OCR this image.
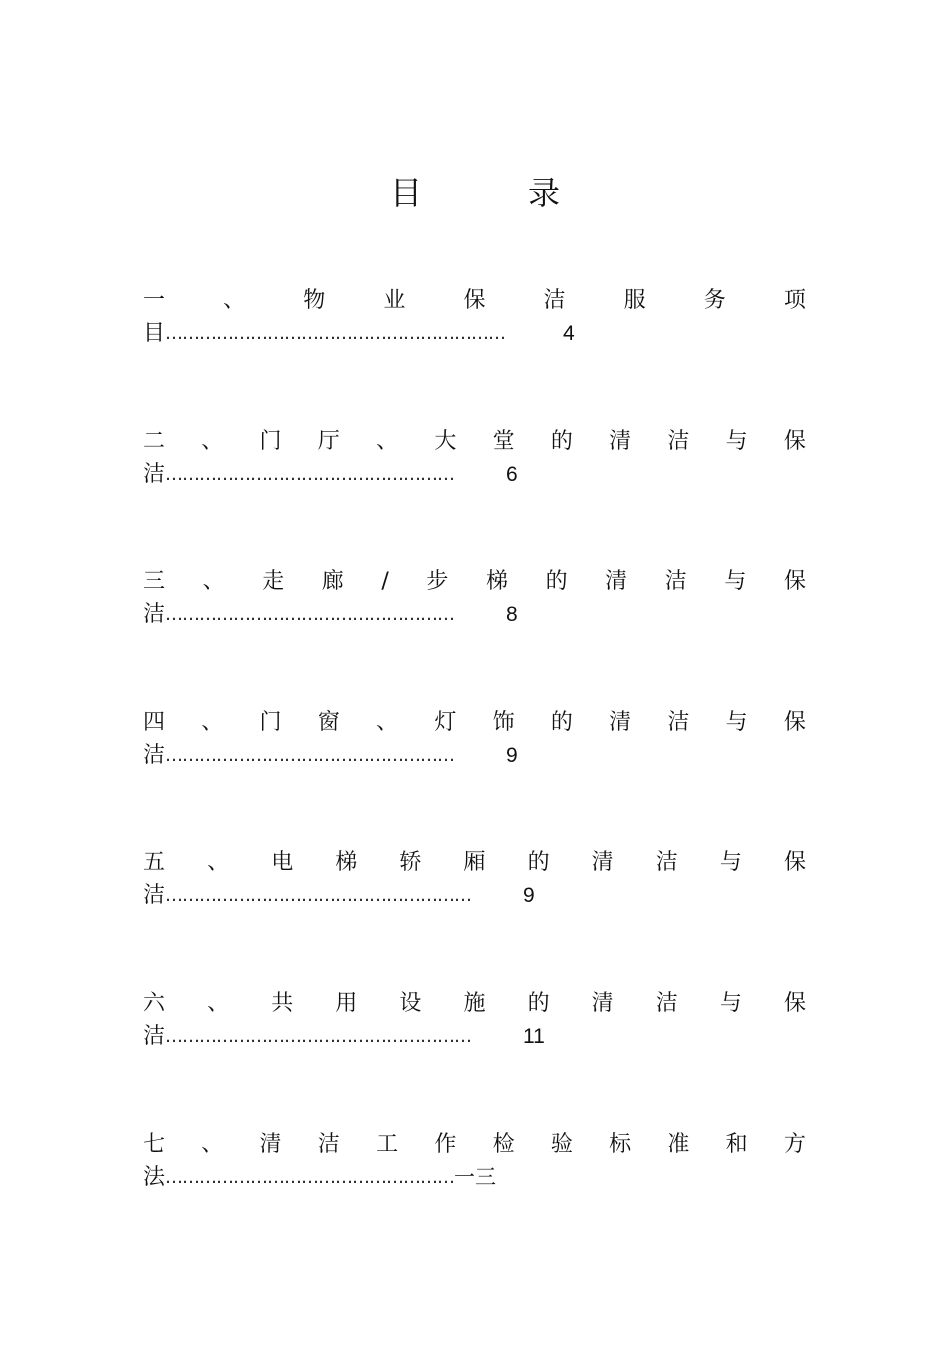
目	录
一	、	物	业	保	洁	服	务	项
目 ……………………………………………………	4
二 、 门 厅 、 大 堂 的 清 洁 与 保
洁 …………………………………………… 6
三 、 走 廊 / 步 梯 的 清 洁 与 保
洁 …………………………………………… 8
四 、 门 窗 、 灯 饰 的 清 洁 与 保
洁 …………………………………………… 9
五 、 电 梯 轿 厢 的 清 洁 与 保
洁 ……………………………………………… 9
六 、 共 用 设 施 的 清 洁 与 保
洁 ……………………………………………… 11
七 、 清 洁 工 作 检 验 标 准 和 方
法 …………………………………………… 一三
